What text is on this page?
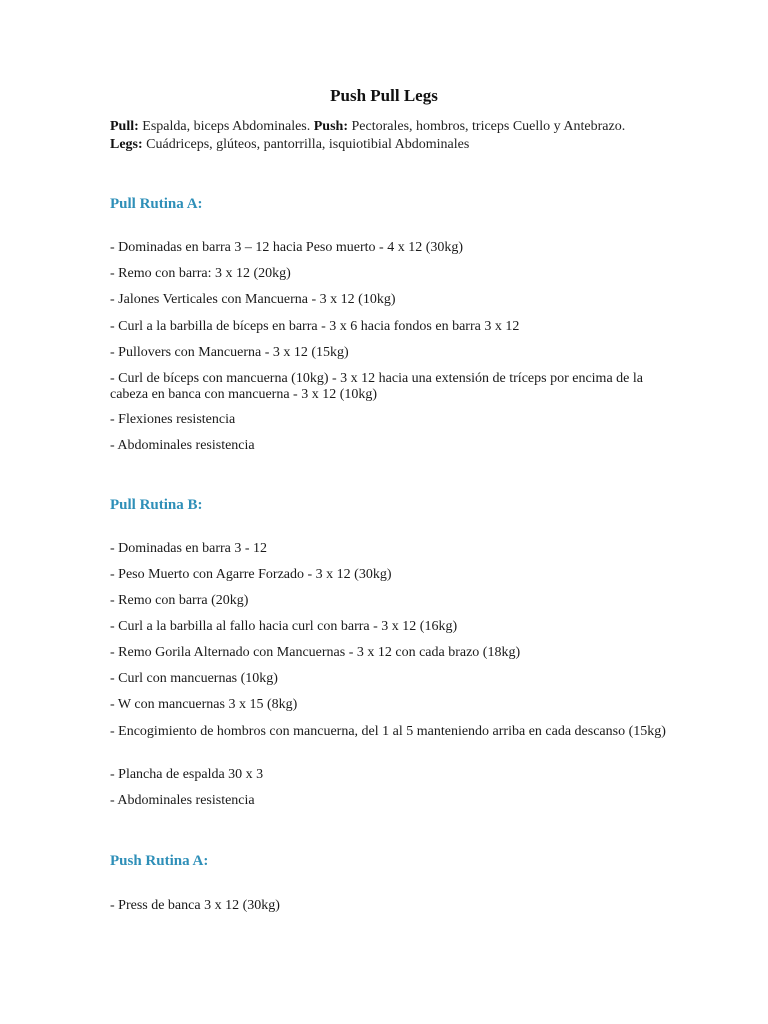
Push Pull Legs
Pull: Espalda, biceps Abdominales. Push: Pectorales, hombros, triceps Cuello y Antebrazo.
Legs: Cuádriceps, glúteos, pantorrilla, isquiotibial Abdominales
Pull Rutina A:
- Dominadas en barra 3 – 12 hacia Peso muerto - 4 x 12 (30kg)
- Remo con barra: 3 x 12 (20kg)
- Jalones Verticales con Mancuerna - 3 x 12 (10kg)
- Curl a la barbilla de bíceps en barra - 3 x 6 hacia fondos en barra 3 x 12
- Pullovers con Mancuerna - 3 x 12 (15kg)
- Curl de bíceps con mancuerna (10kg) - 3 x 12 hacia una extensión de tríceps por encima de la cabeza en banca con mancuerna - 3 x 12 (10kg)
- Flexiones resistencia
- Abdominales resistencia
Pull Rutina B:
- Dominadas en barra 3 - 12
- Peso Muerto con Agarre Forzado - 3 x 12 (30kg)
- Remo con barra (20kg)
- Curl a la barbilla al fallo hacia curl con barra - 3 x 12 (16kg)
- Remo Gorila Alternado con Mancuernas - 3 x 12 con cada brazo (18kg)
- Curl con mancuernas (10kg)
- W con mancuernas 3 x 15 (8kg)
- Encogimiento de hombros con mancuerna, del 1 al 5 manteniendo arriba en cada descanso (15kg)
- Plancha de espalda 30 x 3
- Abdominales resistencia
Push Rutina A:
- Press de banca 3 x 12 (30kg)
